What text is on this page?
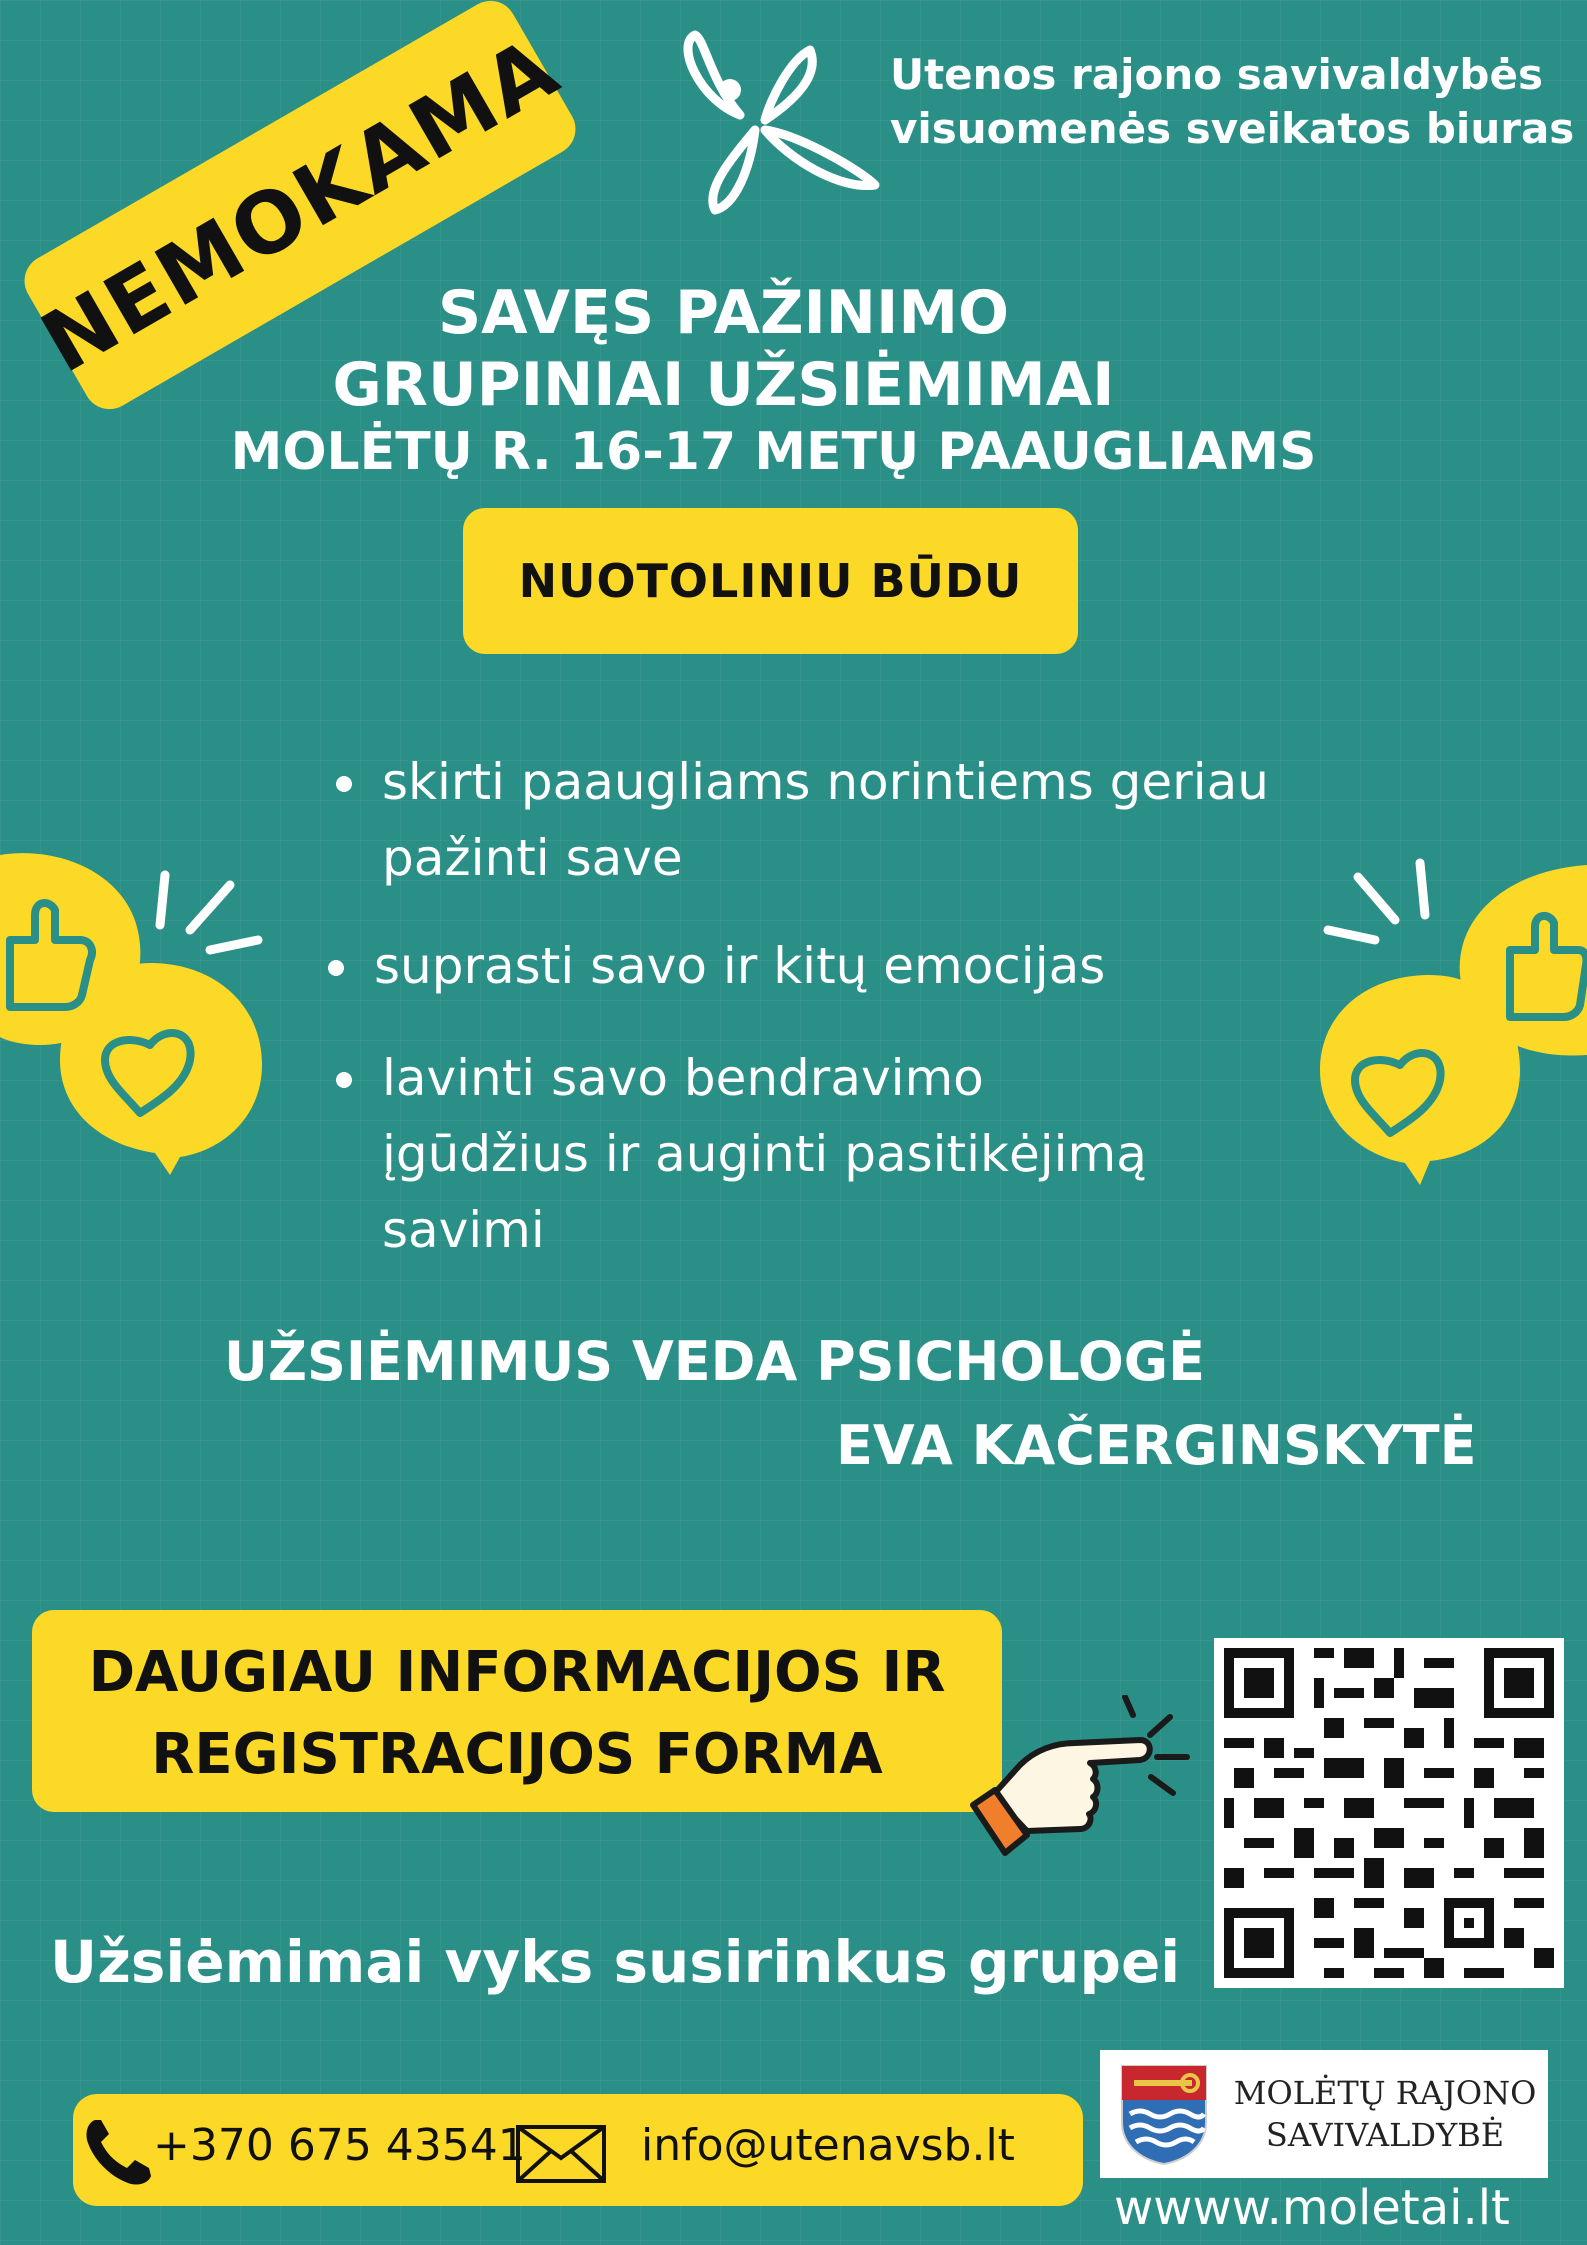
NEMOKAMA	Utenos rajono savivaldybės
visuomenės sveikatos biuras
SAVĘS PAŽINIMO
GRUPINIAI UŽSIĖMIMAI
MOLĖTŲ R. 16-17 METŲ PAAUGLIAMS
NUOTOLINIU BŪDU
skirti paaugliams norintiems geriau
pažinti save
suprasti savo ir kitų emocijas
lavinti savo bendravimo
įgūdžius ir auginti pasitikėjimą
savimi
UŽSIĖMIMUS VEDA PSICHOLOGĖ
EVA KAČERGINSKYTĖ
DAUGIAU INFORMACIJOS IR
REGISTRACIJOS FORMA
Užsiėmimai vyks susirinkus grupei
+370 675 43541	info@utenavsb.lt
MOLĖTŲ RAJONO
SAVIVALDYBĖ
wwww.moletai.lt
